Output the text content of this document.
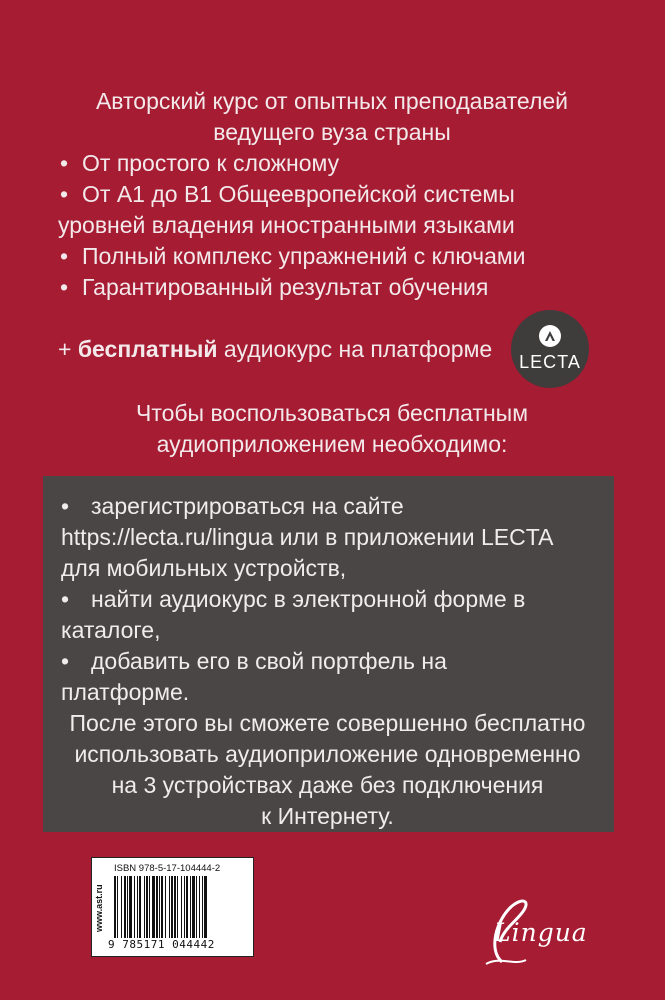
Авторский курс от опытных преподавателей
ведущего вуза страны
• От простого к сложному
• От А1 до В1 Общеевропейской системы
уровней владения иностранными языками
• Полный комплекс упражнений с ключами
• Гарантированный результат обучения
+ бесплатный аудиокурс на платформе LECTA
Чтобы воспользоваться бесплатным
аудиоприложением необходимо:
• зарегистрироваться на сайте
https://lecta.ru/lingua или в приложении LECTA
для мобильных устройств,
• найти аудиокурс в электронной форме в
каталоге,
• добавить его в свой портфель на
платформе.
После этого вы сможете совершенно бесплатно
использовать аудиоприложение одновременно
на 3 устройствах даже без подключения
к Интернету.
www.ast.ru
ISBN 978-5-17-104444-2
9 785171 044442	Lingua
